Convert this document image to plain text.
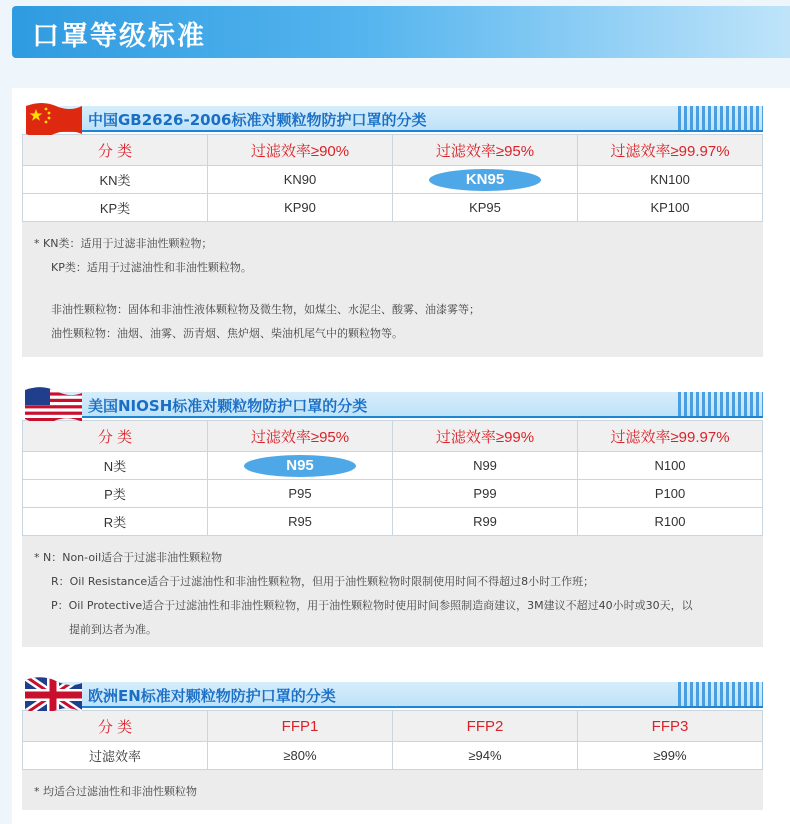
口罩等级标准
中国GB2626-2006标准对颗粒物防护口罩的分类
分 类	过滤效率≥90%	过滤效率≥95%	过滤效率≥99.97%
KN类	KN90	KN95	KN100
KP类	KP90	KP95	KP100
* KN类：适用于过滤非油性颗粒物；
KP类：适用于过滤油性和非油性颗粒物。
非油性颗粒物：固体和非油性液体颗粒物及微生物，如煤尘、水泥尘、酸雾、油漆雾等；
油性颗粒物：油烟、油雾、沥青烟、焦炉烟、柴油机尾气中的颗粒物等。
美国NIOSH标准对颗粒物防护口罩的分类
分 类	过滤效率≥95%	过滤效率≥99%	过滤效率≥99.97%
N类	N95	N99	N100
P类	P95	P99	P100
R类	R95	R99	R100
* N：Non-oil适合于过滤非油性颗粒物
R：Oil Resistance适合于过滤油性和非油性颗粒物，但用于油性颗粒物时限制使用时间不得超过8小时工作班；
P：Oil Protective适合于过滤油性和非油性颗粒物，用于油性颗粒物时使用时间参照制造商建议，3M建议不超过40小时或30天，以
提前到达者为准。
欧洲EN标准对颗粒物防护口罩的分类
分 类	FFP1	FFP2	FFP3
过滤效率	≥80%	≥94%	≥99%
* 均适合过滤油性和非油性颗粒物
